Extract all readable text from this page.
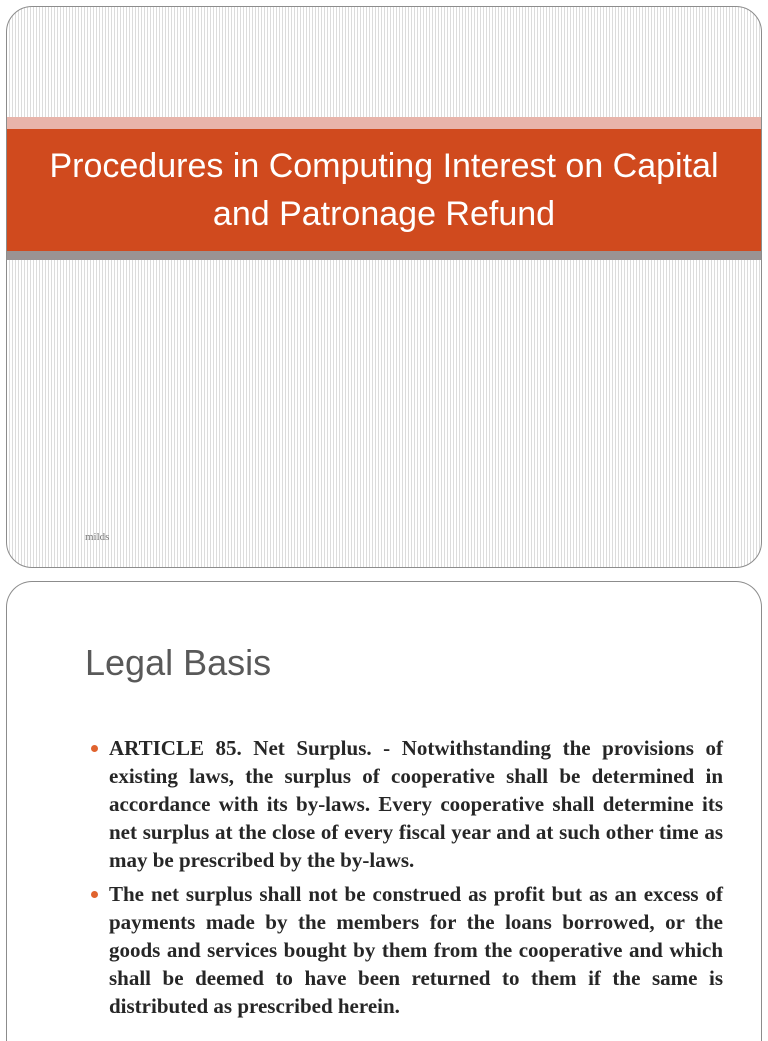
Procedures in Computing Interest on Capital and Patronage Refund
milds
Legal Basis
ARTICLE 85. Net Surplus. - Notwithstanding the provisions of existing laws, the surplus of cooperative shall be determined in accordance with its by-laws. Every cooperative shall determine its net surplus at the close of every fiscal year and at such other time as may be prescribed by the by-laws.
The net surplus shall not be construed as profit but as an excess of payments made by the members for the loans borrowed, or the goods and services bought by them from the cooperative and which shall be deemed to have been returned to them if the same is distributed as prescribed herein.
